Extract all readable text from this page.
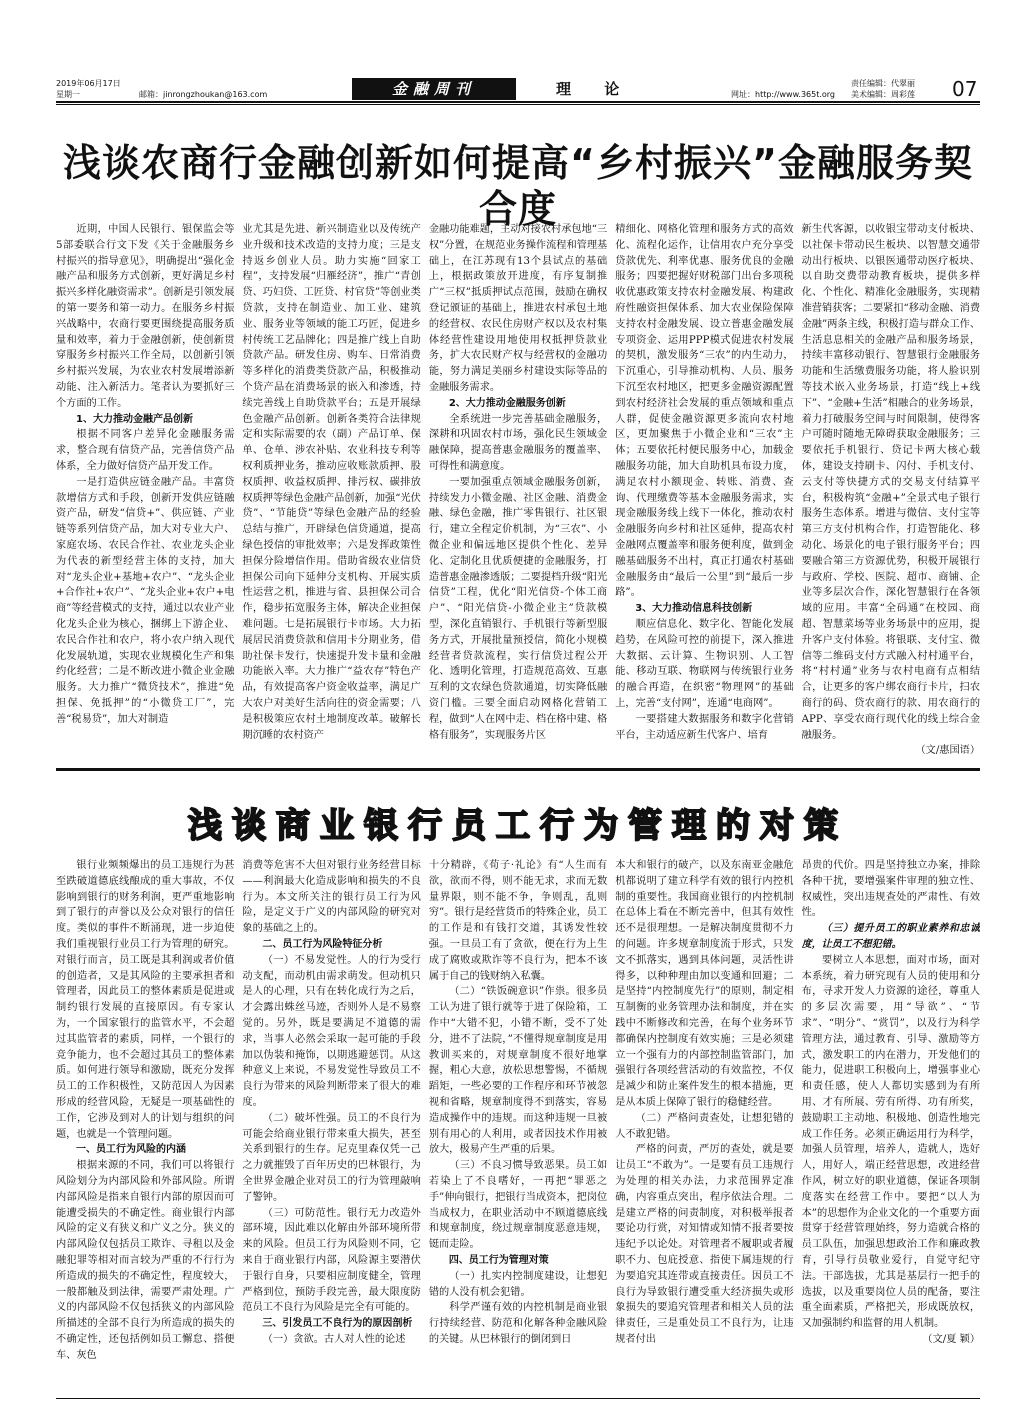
2019年06月17日
星期一	邮箱：jinrongzhoukan@163.com	金融周刊	理 论	网址：http://www.365t.org
责任编辑：代翠丽
美术编辑：周彩莲 07
浅谈农商行金融创新如何提高“乡村振兴”金融服务契合度

近期，中国人民银行、银保监会等5部委联合行文下发《关于金融服务乡村振兴的指导意见》，明确提出“强化金融产品和服务方式创新，更好满足乡村振兴多样化融资需求”。创新是引领发展的第一要务和第一动力。在服务乡村振兴战略中，农商行要更围绕提高服务质量和效率，着力于金融创新，使创新贯穿服务乡村振兴工作全局，以创新引领乡村振兴发展，为农业农村发展增添新动能、注入新活力。笔者认为要抓好三个方面的工作。

1、大力推动金融产品创新

根据不同客户差异化金融服务需求，整合现有信贷产品，完善信贷产品体系，全力做好信贷产品开发工作。

一是打造供应链金融产品。丰富贷款增信方式和手段，创新开发供应链融资产品，研发“信贷+”、供应链、产业链等系列信贷产品，加大对专业大户、家庭农场、农民合作社、农业龙头企业为代表的新型经营主体的支持，加大对“龙头企业+基地+农户”、“龙头企业+合作社+农户”、“龙头企业+农户+电商”等经营模式的支持，通过以农业产业化龙头企业为核心，捆绑上下游企业、农民合作社和农户，将小农户纳入现代化发展轨道，实现农业规模化生产和集约化经营；二是不断改进小微企业金融服务。大力推广“微贷技术”，推进“免担保、免抵押”的“小微贷工厂”，完善“税易贷”，加大对制造

业尤其是先进、新兴制造业以及传统产业升级和技术改造的支持力度；三是支持返乡创业人员。助力实施“回家工程”，支持发展“归雁经济”，推广“青创贷、巧妇贷、工匠贷、村官贷”等创业类贷款，支持在制造业、加工业、建筑业、服务业等领域的能工巧匠，促进乡村传统工艺品牌化；四是推广线上自助贷款产品。研发住房、购车、日常消费等多样化的消费类贷款产品，积极推动个贷产品在消费场景的嵌入和渗透，持续完善线上自助贷款平台；五是开展绿色金融产品创新。创新各类符合法律规定和实际需要的农（副）产品订单、保单、仓单、涉农补贴、农业科技专利等权利质押业务，推动应收账款质押、股权质押、收益权质押、排污权、碳排放权质押等绿色金融产品创新，加强“光伏贷”、“节能贷”等绿色金融产品的经验总结与推广，开辟绿色信贷通道，提高绿色授信的审批效率；六是发挥政策性担保分险增信作用。借助省级农业信贷担保公司向下延伸分支机构、开展实质性运营之机，推进与省、县担保公司合作，稳步拓宽服务主体，解决企业担保难问题。七是拓展银行卡市场。大力拓展居民消费贷款和信用卡分期业务，借助社保卡发行，快速提升发卡量和金融功能嵌入率。大力推广“益农存”特色产品，有效提高客户资金收益率，满足广大农户对美好生活向往的资金需要；八是积极策应农村土地制度改革。破解长期沉睡的农村资产

金融功能难题，主动对接农村承包地“三权”分置，在规范业务操作流程和管理基础上，在江苏现有13个县试点的基础上，根据政策放开进度，有序复制推广“三权”抵质押试点范围，鼓励在确权登记颁证的基础上，推进农村承包土地的经营权、农民住房财产权以及农村集体经营性建设用地使用权抵押贷款业务，扩大农民财产权与经营权的金融功能，努力满足美丽乡村建设实际等品的金融服务需求。

2、大力推动金融服务创新

全系统进一步完善基础金融服务，深耕和巩固农村市场，强化民生领域金融保障，提高普惠金融服务的覆盖率、可得性和满意度。

一要加强重点领域金融服务创新，持续发力小微金融、社区金融、消费金融、绿色金融，推广零售银行、社区银行，建立全程定价机制，为“三农”、小微企业和偏远地区提供个性化、差异化、定制化且优质便捷的金融服务，打造普惠金融渗透版；二要提档升级“阳光信贷”工程，优化“阳光信贷-个体工商户”、“阳光信贷-小微企业主”贷款模型，深化直销银行、手机银行等新型服务方式，开展批量预授信，简化小规模经营者贷款流程，实行信贷过程公开化、透明化管理，打造规范高效、互惠互利的文农绿色贷款通道，切实降低融资门槛。三要全面启动网格化营销工程，做到“人在网中走、档在格中建、格格有服务”，实现服务片区

精细化、网格化管理和服务方式的高效化、流程化运作，让信用农户充分享受贷款优先、利率优惠、服务优良的金融服务；四要把握好财税部门出台多项税收优惠政策支持农村金融发展、构建政府性融资担保体系、加大农业保险保障支持农村金融发展、设立普惠金融发展专项资金、运用PPP模式促进农村发展的契机，激发服务“三农”的内生动力，下沉重心，引导推动机构、人员、服务下沉至农村地区，把更多金融资源配置到农村经济社会发展的重点领域和重点人群，促使金融资源更多流向农村地区，更加聚焦于小微企业和“三农”主体；五要依托村便民服务中心，加载金融服务功能，加大自助机具布设力度，满足农村小额现金、转账、消费、查询、代理缴费等基本金融服务需求，实现金融服务线上线下一体化，推动农村金融服务向乡村和社区延伸，提高农村金融网点覆盖率和服务便利度，做到金融基础服务不出村，真正打通农村基础金融服务由“最后一公里”到“最后一步路”。

3、大力推动信息科技创新

顺应信息化、数字化、智能化发展趋势，在风险可控的前提下，深入推进大数据、云计算、生物识别、人工智能、移动互联、物联网与传统银行业务的融合再造，在织密“物理网”的基础上，完善“支付网”，连通“电商网”。

一要搭建大数据服务和数字化营销平台，主动适应新生代客户、培育

新生代客源，以收银宝带动支付板块、以社保卡带动民生板块、以智慧交通带动出行板块、以银医通带动医疗板块、以自助交费带动教育板块，提供多样化、个性化、精准化金融服务，实现精准营销获客；二要紧扣“移动金融、消费金融”两条主线，积极打造与群众工作、生活息息相关的金融产品和服务场景，持续丰富移动银行、智慧银行金融服务功能和生活缴费服务功能，将人脸识别等技术嵌入业务场景，打造“线上+线下”、“金融+生活”相融合的业务场景，着力打破服务空间与时间限制，使得客户可随时随地无障碍获取金融服务；三要依托手机银行、贷记卡两大核心载体，建设支持刷卡、闪付、手机支付、云支付等快捷方式的交易支付结算平台，积极构筑“金融+”全景式电子银行服务生态体系。增进与微信、支付宝等第三方支付机构合作，打造智能化、移动化、场景化的电子银行服务平台；四要融合第三方资源优势，积极开展银行与政府、学校、医院、超市、商铺、企业等多层次合作，深化智慧银行在各领域的应用。丰富“全码通”在校园、商超、智慧菜场等业务场景中的应用，提升客户支付体验。将银联、支付宝、微信等二维码支付方式融入村村通平台，将“村村通”业务与农村电商有点相结合，让更多的客户绑农商行卡片，扫农商行的码、贷农商行的款、用农商行的APP、享受农商行现代化的线上综合金融服务。

（文/惠国语）

浅谈商业银行员工行为管理的对策

银行业频频爆出的员工违规行为甚至跌破道德底线酿成的重大事故，不仅影响到银行的财务利润，更严重地影响到了银行的声誉以及公众对银行的信任度。类似的事件不断涌现，进一步迫使我们重视银行业员工行为管理的研究。对银行而言，员工既是其利润或者价值的创造者，又是其风险的主要承担者和管理者，因此员工的整体素质是促进或制约银行发展的直接原因。有专家认为，一个国家银行的监管水平，不会超过其监管者的素质，同样，一个银行的竞争能力，也不会超过其员工的整体素质。如何进行领导和激励，既充分发挥员工的工作积极性，又防范因人为因素形成的经营风险，无疑是一项基础性的工作，它涉及到对人的计划与组织的问题，也就是一个管理问题。

一、员工行为风险的内涵

根据来源的不同，我们可以将银行风险划分为内部风险和外部风险。所谓内部风险是指来自银行内部的原因而可能遭受损失的不确定性。商业银行内部风险的定义有狭义和广义之分。狭义的内部风险仅包括员工欺诈、寻租以及金融犯罪等相对而言较为严重的不行行为所造成的损失的不确定性，程度较大，一般都触及到法律，需要严肃处理。广义的内部风险不仅包括狭义的内部风险所描述的全部不良行为所造成的损失的不确定性，还包括例如员工懈怠、搭便车、灰色

消费等危害不大但对银行业务经营目标——利润最大化造成影响和损失的不良行为。本文所关注的银行员工行为风险，是定义于广义的内部风险的研究对象的基础之上的。

二、员工行为风险特征分析

（一）不易发觉性。人的行为受行动支配，而动机由需求萌发。但动机只是人的心理，只有在转化成行为之后，才会露出蛛丝马迹，否则外人是不易察觉的。另外，既是要满足不道德的需求，当事人必然会采取一起可能的手段加以伪装和掩饰，以期逃避惩罚。从这种意义上来说，不易发觉性导致员工不良行为带来的风险判断带来了很大的难度。

（二）破坏性强。员工的不良行为可能会给商业银行带来重大损失，甚至关系到银行的生存。尼克里森仅凭一己之力就摧毁了百年历史的巴林银行，为全世界金融企业对员工的行为管理敲响了警钟。

（三）可防范性。银行无力改造外部环境，因此难以化解由外部环境所带来的风险。但员工行为风险则不同，它来自于商业银行内部，风险源主要潜伏于银行自身，只要相应制度健全，管理严格到位，预防手段完善，最大限度防范员工不良行为风险是完全有可能的。

三、引发员工不良行为的原因剖析

（一）贪欲。古人对人性的论述

十分精辟，《荀子·礼论》有“人生而有欲，欲而不得，则不能无求，求而无数量界限，则不能不争，争则乱，乱则穷”。银行是经营货币的特殊企业，员工的工作是和有钱打交道，其诱发性较强。一旦员工有了贪欲，便在行为上生成了腐败或欺诈等不良行为，把本不该属于自己的钱财纳入私囊。

（二）“铁饭碗意识”作祟。很多员工认为进了银行就等于进了保险箱，工作中“大错不犯，小错不断，受不了处分，进不了法院，”不懂得规章制度是用教训买来的，对规章制度不很好地掌握，粗心大意，放松思想警惕，不循规蹈矩，一些必要的工作程序和环节被忽视和省略，规章制度得不到落实，容易造成操作中的违规。而这种违规一旦被别有用心的人利用，或者因技术作用被放大，极易产生严重的后果。

（三）不良习惯导致恶果。员工如若染上了不良嗜好，一再把“罪恶之手”伸向银行，把银行当成资本，把岗位当成权力，在职业活动中不顾道德底线和规章制度，绕过规章制度恶意违规，铤而走险。

四、员工行为管理对策

（一）扎实内控制度建设，让想犯错的人没有机会犯错。

科学严谨有效的内控机制是商业银行持续经营、防范和化解各种金融风险的关键。从巴林银行的倒闭到日

本大和银行的破产，以及东南亚金融危机都说明了建立科学有效的银行内控机制的重要性。我国商业银行的内控机制在总体上看在不断完善中，但其有效性还不是很理想。一是解决制度贯彻不力的问题。许多规章制度流于形式，只发文不抓落实，遇到具体问题，灵活性讲得多，以种种理由加以变通和回避；二是坚持“内控制度先行”的原则，制定相互制衡的业务管理办法和制度，并在实践中不断修改和完善，在每个业务环节都确保内控制度有效实施；三是必须建立一个强有力的内部控制监管部门，加强银行各项经营活动的有效监控，不仅是减少和防止案件发生的根本措施，更是从本质上保障了银行的稳健经营。

（二）严格问责查处，让想犯错的人不敢犯错。

严格的问责，严厉的查处，就是要让员工“不敢为”。一是要有员工违规行为处理的相关办法，力求范围界定准确，内容重点突出，程序依法合理。二是建立严格的问责制度，对积极举报者要论功行赏，对知情或知情不报者要按违纪予以论处。对管理者不履职或者履职不力、包庇授意、指使下属违规的行为要追究其连带或直接责任。因员工不良行为导致银行遭受重大经济损失或形象损失的要追究管理者和相关人员的法律责任，三是重处员工不良行为，让违规者付出

昂贵的代价。四是坚持独立办案，排除各种干扰，要增强案件审理的独立性、权威性，突出违规查处的严肃性、有效性。

（三）提升员工的职业素养和忠诚度，让员工不想犯错。

要树立人本思想，面对市场，面对本系统，着力研究现有人员的使用和分布，寻求开发人力资源的途径，尊重人的多层次需要，用“导欲”、“节求”、“明分”、“赏罚”，以及行为科学管理方法，通过教育、引导、激励等方式，激发职工的内在潜力，开发他们的能力，促进职工积极向上，增强事业心和责任感，使人人都切实感到为有所用、才有所展、劳有所得、功有所奖，鼓励职工主动地、积极地、创造性地完成工作任务。必须正确运用行为科学，加强人员管理，培养人，造就人，选好人，用好人，端正经营思想，改进经营作风，树立好的职业道德，保证各项制度落实在经营工作中。要把“以人为本”的思想作为企业文化的一个重要方面贯穿于经营管理始终，努力造就合格的员工队伍，加强思想政治工作和廉政教育，引导行员敬业爱行，自觉守纪守法。干部选拔，尤其是基层行一把手的选拔，以及重要岗位人员的配备，要注重全面素质，严格把关，形成既放权，又加强制约和监督的用人机制。

（文/夏 颖）
